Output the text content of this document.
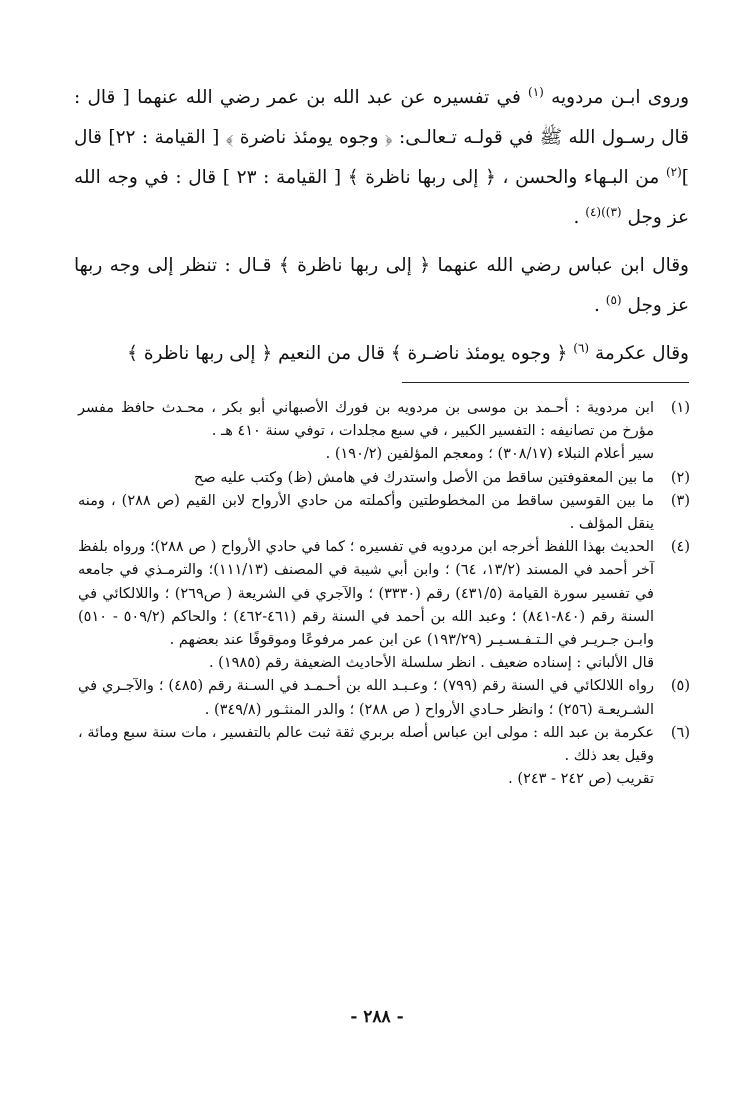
وروى ابـن مردويه $^{(١)}$ في تفسيره عن عبد الله بن عمر رضي الله عنهما [ قال : قال رسـول الله ﷺ في قولـه تـعالـى: ﴿ وجوه يومئذ ناضرة ﴾ [ القيامة : ٢٢] قال ]$^{(٢)}$ من البـهاء والحسن ، ﴿ إلى ربها ناظرة ﴾ [ القيامة : ٢٣ ] قال : في وجه الله عز وجل $^{(٣))(٤)}$ .

وقال ابن عباس رضي الله عنهما ﴿ إلى ربها ناظرة ﴾ قـال : تنظر إلى وجه ربها عز وجل $^{(٥)}$ .

وقال عكرمة $^{(٦)}$ ﴿ وجوه يومئذ ناضـرة ﴾ قال من النعيم ﴿ إلى ربها ناظرة ﴾

(١)
ابن مردوية : أحـمد بن موسى بن مردويه بن فورك الأصبهاني أبو بكر ، محـدث حافظ مفسر مؤرخ من تصانيفه : التفسير الكبير ، في سبع مجلدات ، توفي سنة ٤١٠ هـ .
سير أعلام النبلاء (٣٠٨/١٧) ؛ ومعجم المؤلفين (١٩٠/٢) .
(٢)
ما بين المعقوفتين ساقط من الأصل واستدرك في هامش (ظ) وكتب عليه صح
(٣)
ما بين القوسين ساقط من المخطوطتين وأكملته من حادي الأرواح لابن القيم (ص ٢٨٨) ، ومنه ينقل المؤلف .
(٤)
الحديث بهذا اللفظ أخرجه ابن مردويه في تفسيره ؛ كما في حادي الأرواح ( ص ٢٨٨)؛ ورواه بلفظ آخر أحمد في المسند (١٣/٢، ٦٤) ؛ وابن أبي شيبة في المصنف (١١١/١٣)؛ والترمـذي في جامعه في تفسير سورة القيامة (٤٣١/٥) رقم (٣٣٣٠) ؛ والآجري في الشريعة ( ص٢٦٩) ؛ واللالكائي في السنة رقم (٨٤٠-٨٤١) ؛ وعبد الله بن أحمد في السنة رقم (٤٦١-٤٦٢) ؛ والحاكم (٥٠٩/٢ - ٥١٠) وابـن جـريـر في الـتـفـسـيـر (١٩٣/٢٩) عن ابن عمر مرفوعًا وموقوفًا عند بعضهم .
قال الألباني : إسناده ضعيف . انظر سلسلة الأحاديث الضعيفة رقم (١٩٨٥) .
(٥)
رواه اللالكائي في السنة رقم (٧٩٩) ؛ وعـبـد الله بن أحـمـد في السـنة رقم (٤٨٥) ؛ والآجـري في الشـريعـة (٢٥٦) ؛ وانظر حـادي الأرواح ( ص ٢٨٨) ؛ والدر المنثـور (٣٤٩/٨) .
(٦)
عكرمة بن عبد الله : مولى ابن عباس أصله بربري ثقة ثبت عالم بالتفسير ، مات سنة سبع ومائة ، وقيل بعد ذلك .
تقريب (ص ٢٤٢ - ٢٤٣) .
- ٢٨٨ -
